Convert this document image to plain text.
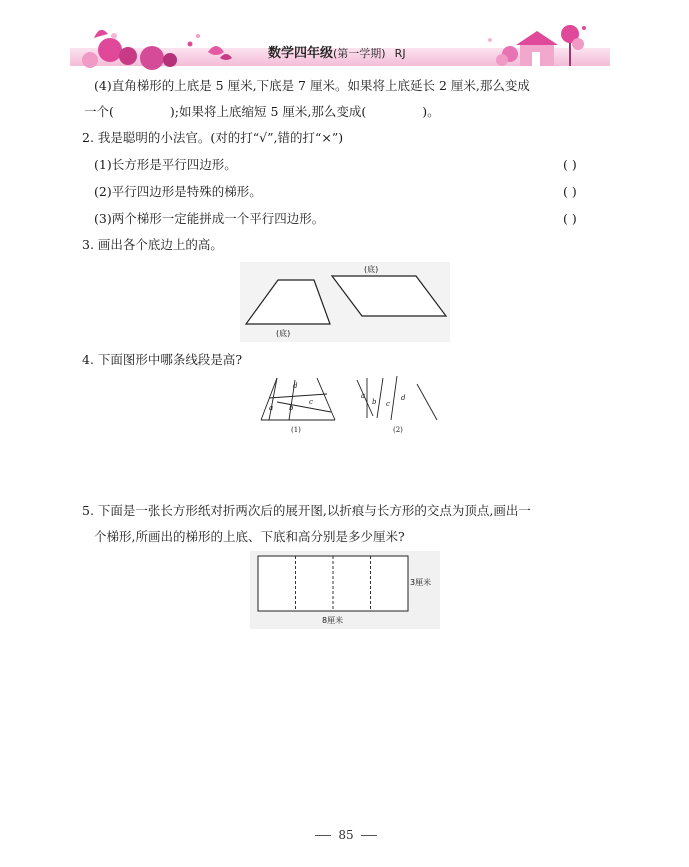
数学四年级(第一学期) RJ
(4)直角梯形的上底是 5 厘米,下底是 7 厘米。如果将上底延长 2 厘米,那么变成
一个(	);如果将上底缩短 5 厘米,那么变成(	)。
2. 我是聪明的小法官。(对的打“√”,错的打“×”)
(1)长方形是平行四边形。	( )
(2)平行四边形是特殊的梯形。	( )
(3)两个梯形一定能拼成一个平行四边形。	( )
3. 画出各个底边上的高。
(底)
(底)
4. 下面图形中哪条线段是高?
d
a b
c
a
b c
d
(1)	(2)
5. 下面是一张长方形纸对折两次后的展开图,以折痕与长方形的交点为顶点,画出一
个梯形,所画出的梯形的上底、下底和高分别是多少厘米?
3厘米
8厘米
85
